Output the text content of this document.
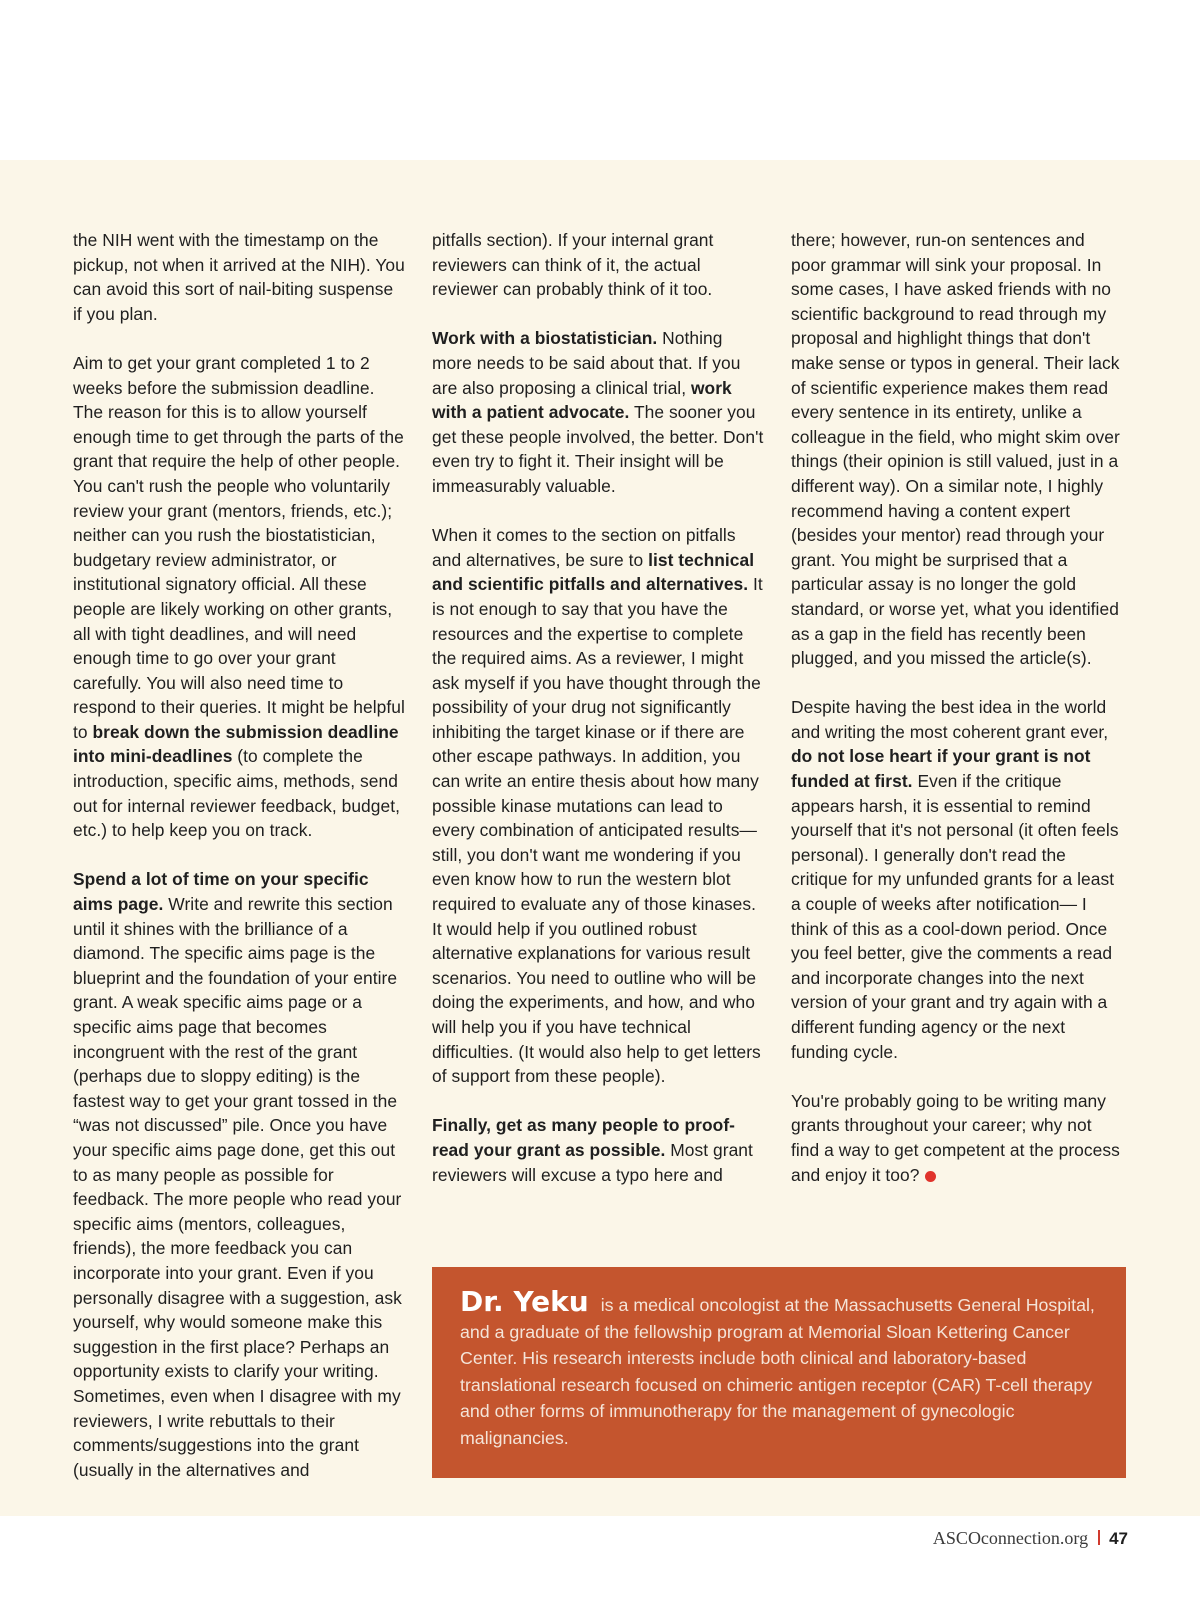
the NIH went with the timestamp on the pickup, not when it arrived at the NIH). You can avoid this sort of nail-biting suspense if you plan.

Aim to get your grant completed 1 to 2 weeks before the submission deadline. The reason for this is to allow yourself enough time to get through the parts of the grant that require the help of other people. You can't rush the people who voluntarily review your grant (mentors, friends, etc.); neither can you rush the biostatistician, budgetary review administrator, or institutional signatory official. All these people are likely working on other grants, all with tight deadlines, and will need enough time to go over your grant carefully. You will also need time to respond to their queries. It might be helpful to break down the submission deadline into mini-deadlines (to complete the introduction, specific aims, methods, send out for internal reviewer feedback, budget, etc.) to help keep you on track.

Spend a lot of time on your specific aims page. Write and rewrite this section until it shines with the brilliance of a diamond. The specific aims page is the blueprint and the foundation of your entire grant. A weak specific aims page or a specific aims page that becomes incongruent with the rest of the grant (perhaps due to sloppy editing) is the fastest way to get your grant tossed in the “was not discussed” pile. Once you have your specific aims page done, get this out to as many people as possible for feedback. The more people who read your specific aims (mentors, colleagues, friends), the more feedback you can incorporate into your grant. Even if you personally disagree with a suggestion, ask yourself, why would someone make this suggestion in the first place? Perhaps an opportunity exists to clarify your writing. Sometimes, even when I disagree with my reviewers, I write rebuttals to their comments/suggestions into the grant (usually in the alternatives and

pitfalls section). If your internal grant reviewers can think of it, the actual reviewer can probably think of it too.

Work with a biostatistician. Nothing more needs to be said about that. If you are also proposing a clinical trial, work with a patient advocate. The sooner you get these people involved, the better. Don't even try to fight it. Their insight will be immeasurably valuable.

When it comes to the section on pitfalls and alternatives, be sure to list technical and scientific pitfalls and alternatives. It is not enough to say that you have the resources and the expertise to complete the required aims. As a reviewer, I might ask myself if you have thought through the possibility of your drug not significantly inhibiting the target kinase or if there are other escape pathways. In addition, you can write an entire thesis about how many possible kinase mutations can lead to every combination of anticipated results— still, you don't want me wondering if you even know how to run the western blot required to evaluate any of those kinases. It would help if you outlined robust alternative explanations for various result scenarios. You need to outline who will be doing the experiments, and how, and who will help you if you have technical difficulties. (It would also help to get letters of support from these people).

Finally, get as many people to proofread your grant as possible. Most grant reviewers will excuse a typo here and

there; however, run-on sentences and poor grammar will sink your proposal. In some cases, I have asked friends with no scientific background to read through my proposal and highlight things that don't make sense or typos in general. Their lack of scientific experience makes them read every sentence in its entirety, unlike a colleague in the field, who might skim over things (their opinion is still valued, just in a different way). On a similar note, I highly recommend having a content expert (besides your mentor) read through your grant. You might be surprised that a particular assay is no longer the gold standard, or worse yet, what you identified as a gap in the field has recently been plugged, and you missed the article(s).

Despite having the best idea in the world and writing the most coherent grant ever, do not lose heart if your grant is not funded at first. Even if the critique appears harsh, it is essential to remind yourself that it's not personal (it often feels personal). I generally don't read the critique for my unfunded grants for a least a couple of weeks after notification— I think of this as a cool-down period. Once you feel better, give the comments a read and incorporate changes into the next version of your grant and try again with a different funding agency or the next funding cycle.

You're probably going to be writing many grants throughout your career; why not find a way to get competent at the process and enjoy it too?

Dr. Yeku is a medical oncologist at the Massachusetts General Hospital, and a graduate of the fellowship program at Memorial Sloan Kettering Cancer Center. His research interests include both clinical and laboratory-based translational research focused on chimeric antigen receptor (CAR) T-cell therapy and other forms of immunotherapy for the management of gynecologic malignancies.
ASCOconnection.org 47
